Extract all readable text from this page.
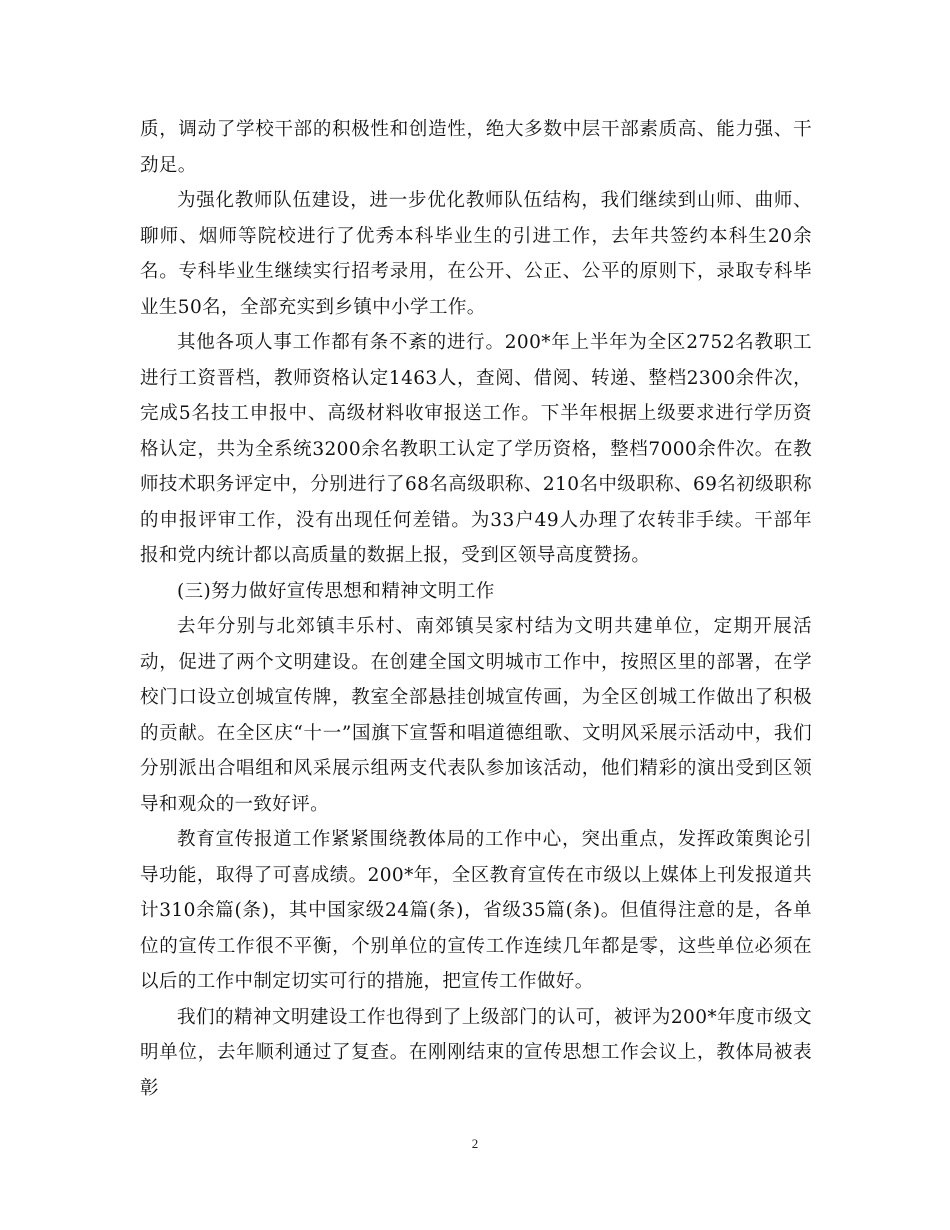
质，调动了学校干部的积极性和创造性，绝大多数中层干部素质高、能力强、干劲足。

为强化教师队伍建设，进一步优化教师队伍结构，我们继续到山师、曲师、聊师、烟师等院校进行了优秀本科毕业生的引进工作，去年共签约本科生20余名。专科毕业生继续实行招考录用，在公开、公正、公平的原则下，录取专科毕业生50名，全部充实到乡镇中小学工作。

其他各项人事工作都有条不紊的进行。200*年上半年为全区2752名教职工进行工资晋档，教师资格认定1463人，查阅、借阅、转递、整档2300余件次，完成5名技工申报中、高级材料收审报送工作。下半年根据上级要求进行学历资格认定，共为全系统3200余名教职工认定了学历资格，整档7000余件次。在教师技术职务评定中，分别进行了68名高级职称、210名中级职称、69名初级职称的申报评审工作，没有出现任何差错。为33户49人办理了农转非手续。干部年报和党内统计都以高质量的数据上报，受到区领导高度赞扬。

(三)努力做好宣传思想和精神文明工作

去年分别与北郊镇丰乐村、南郊镇吴家村结为文明共建单位，定期开展活动，促进了两个文明建设。在创建全国文明城市工作中，按照区里的部署，在学校门口设立创城宣传牌，教室全部悬挂创城宣传画，为全区创城工作做出了积极的贡献。在全区庆“十一”国旗下宣誓和唱道德组歌、文明风采展示活动中，我们分别派出合唱组和风采展示组两支代表队参加该活动，他们精彩的演出受到区领导和观众的一致好评。

教育宣传报道工作紧紧围绕教体局的工作中心，突出重点，发挥政策舆论引导功能，取得了可喜成绩。200*年，全区教育宣传在市级以上媒体上刊发报道共计310余篇(条)，其中国家级24篇(条)，省级35篇(条)。但值得注意的是，各单位的宣传工作很不平衡，个别单位的宣传工作连续几年都是零，这些单位必须在以后的工作中制定切实可行的措施，把宣传工作做好。

我们的精神文明建设工作也得到了上级部门的认可，被评为200*年度市级文明单位，去年顺利通过了复查。在刚刚结束的宣传思想工作会议上，教体局被表彰

2
